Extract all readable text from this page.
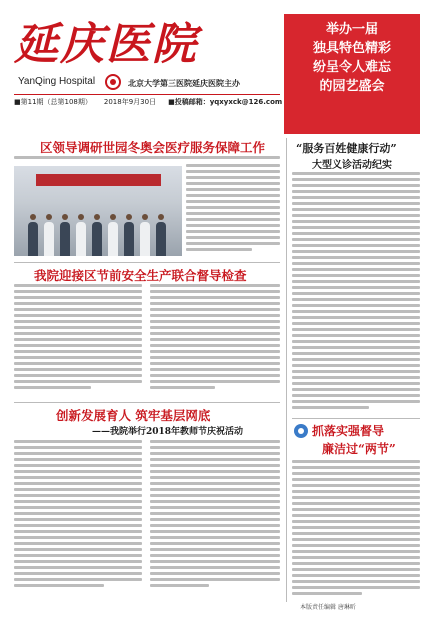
延庆医院
YanQing Hospital	北京大学第三医院延庆医院主办
■第11期（总第108期） 2018年9月30日 ■投稿邮箱：yqxyxck@126.com
举办一届
独具特色精彩
纷呈令人难忘
的园艺盛会
区领导调研世园冬奥会医疗服务保障工作
我院迎接区节前安全生产联合督导检查
创新发展育人 筑牢基层网底
——我院举行2018年教师节庆祝活动
“服务百姓健康行动”
大型义诊活动纪实
抓落实强督导
廉洁过“两节”
本版责任编辑 唐琳昕
